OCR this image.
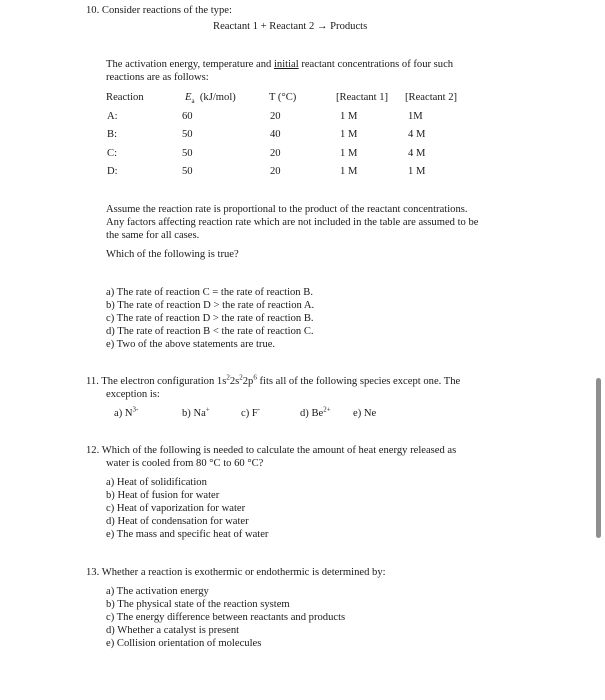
10. Consider reactions of the type:
Reactant 1 + Reactant 2 → Products
The activation energy, temperature and initial reactant concentrations of four such
reactions are as follows:
Reaction	$E_a$ (kJ/mol)	T (°C)	[Reactant 1] [Reactant 2]
A:	60	20	1 M	1M
B:	50	40	1 M	4 M
C:	50	20	1 M	4 M
D:	50	20	1 M	1 M
Assume the reaction rate is proportional to the product of the reactant concentrations.
Any factors affecting reaction rate which are not included in the table are assumed to be
the same for all cases.
Which of the following is true?
a) The rate of reaction C = the rate of reaction B.
b) The rate of reaction D > the rate of reaction A.
c) The rate of reaction D > the rate of reaction B.
d) The rate of reaction B < the rate of reaction C.
e) Two of the above statements are true.
11. The electron configuration $1s^22s^22p^6$ fits all of the following species except one. The
exception is:
a) $N^{3-}$	b) Na+	c) F-	d) $Be^{2+}$ e) Ne
12. Which of the following is needed to calculate the amount of heat energy released as
water is cooled from 80 °C to 60 °C?
a) Heat of solidification
b) Heat of fusion for water
c) Heat of vaporization for water
d) Heat of condensation for water
e) The mass and specific heat of water
13. Whether a reaction is exothermic or endothermic is determined by:
a) The activation energy
b) The physical state of the reaction system
c) The energy difference between reactants and products
d) Whether a catalyst is present
e) Collision orientation of molecules
